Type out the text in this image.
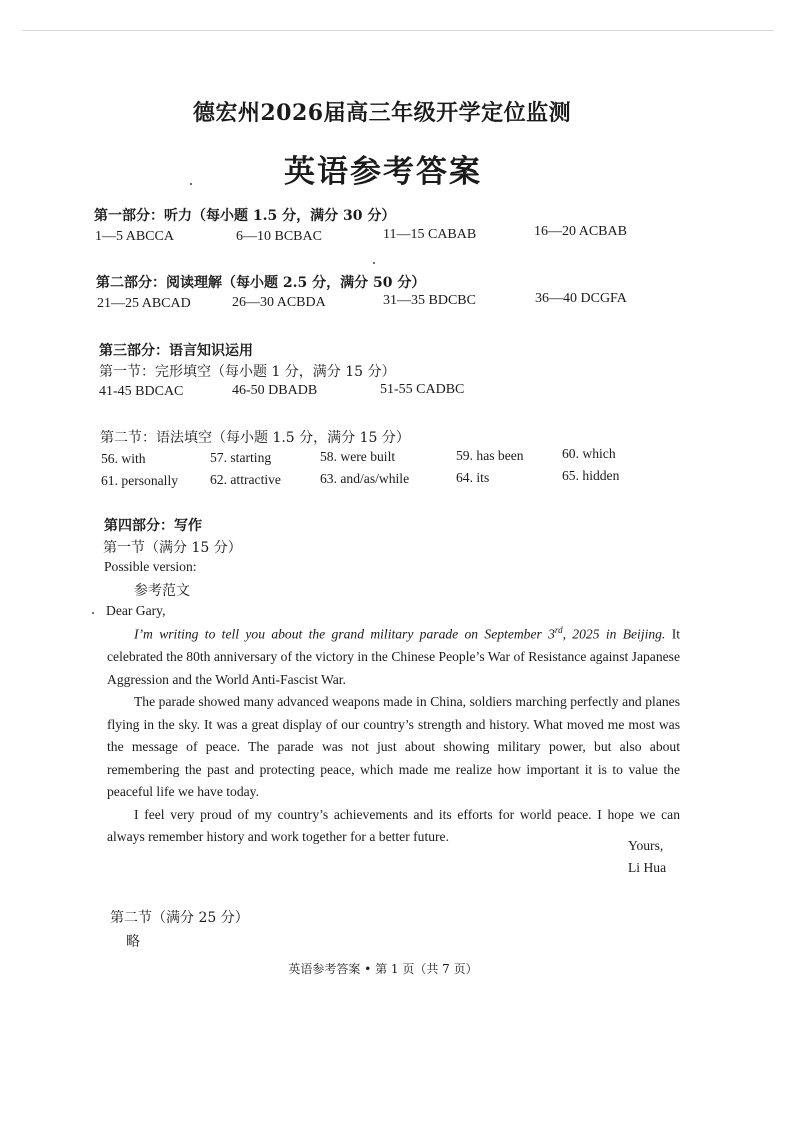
德宏州2026届高三年级开学定位监测
英语参考答案
第一部分：听力（每小题 1.5 分，满分 30 分）
1—5 ABCCA	6—10 BCBAC	11—15 CABAB	16—20 ACBAB
第二部分：阅读理解（每小题 2.5 分，满分 50 分）
21—25 ABCAD	26—30 ACBDA	31—35 BDCBC	36—40 DCGFA
第三部分：语言知识运用
第一节：完形填空（每小题 1 分，满分 15 分）
41-45 BDCAC	46-50 DBADB	51-55 CADBC
第二节：语法填空（每小题 1.5 分，满分 15 分）
56. with	57. starting	58. were built	59. has been	60. which
61. personally 62. attractive	63. and/as/while	64. its	65. hidden
第四部分：写作
第一节（满分 15 分）
Possible version:
参考范文
Dear Gary,

I’m writing to tell you about the grand military parade on September 3rd, 2025 in Beijing. It celebrated the 80th anniversary of the victory in the Chinese People’s War of Resistance against Japanese Aggression and the World Anti-Fascist War.

The parade showed many advanced weapons made in China, soldiers marching perfectly and planes flying in the sky. It was a great display of our country’s strength and history. What moved me most was the message of peace. The parade was not just about showing military power, but also about remembering the past and protecting peace, which made me realize how important it is to value the peaceful life we have today.

I feel very proud of my country’s achievements and its efforts for world peace. I hope we can always remember history and work together for a better future.

Yours,
Li Hua
第二节（满分 25 分）
略
英语参考答案 • 第 1 页（共 7 页）
